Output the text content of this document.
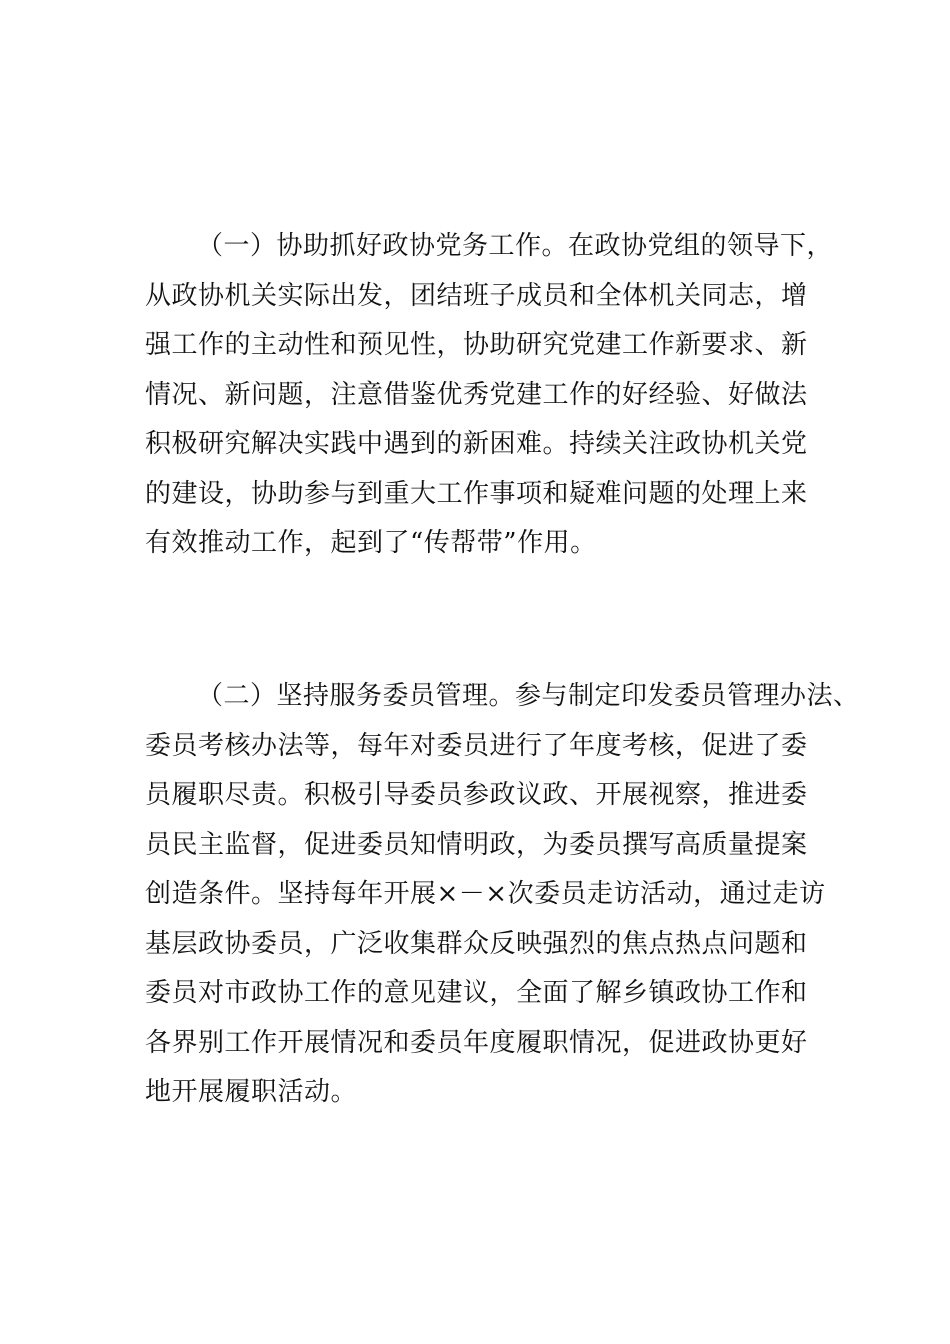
（一）协助抓好政协党务工作。在政协党组的领导下，
从政协机关实际出发，团结班子成员和全体机关同志，增
强工作的主动性和预见性，协助研究党建工作新要求、新
情况、新问题，注意借鉴优秀党建工作的好经验、好做法
积极研究解决实践中遇到的新困难。持续关注政协机关党
的建设，协助参与到重大工作事项和疑难问题的处理上来
有效推动工作，起到了“传帮带”作用。
（二）坚持服务委员管理。参与制定印发委员管理办法、
委员考核办法等，每年对委员进行了年度考核，促进了委
员履职尽责。积极引导委员参政议政、开展视察，推进委
员民主监督，促进委员知情明政，为委员撰写高质量提案
创造条件。坚持每年开展×－×次委员走访活动，通过走访
基层政协委员，广泛收集群众反映强烈的焦点热点问题和
委员对市政协工作的意见建议，全面了解乡镇政协工作和
各界别工作开展情况和委员年度履职情况，促进政协更好
地开展履职活动。
